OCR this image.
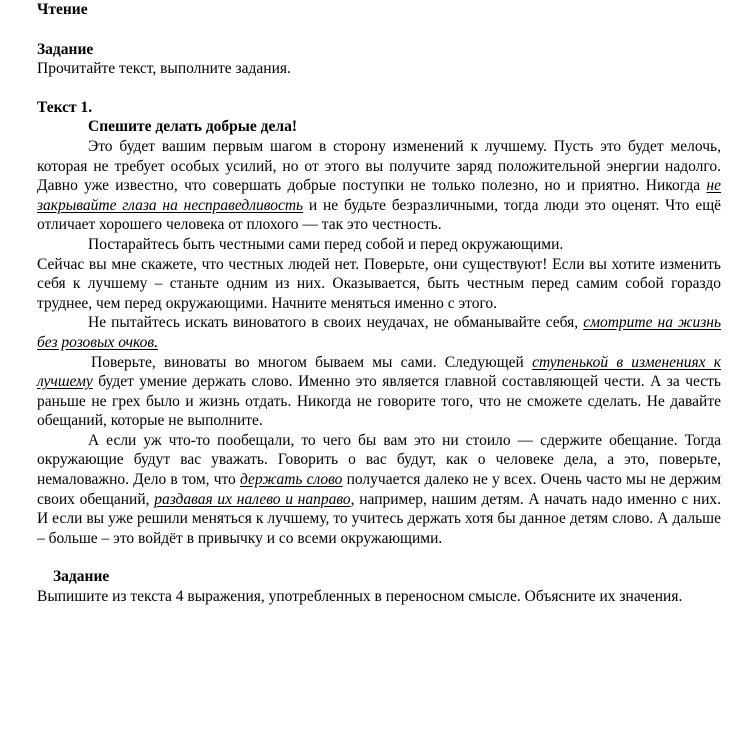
Чтение

Задание

Прочитайте текст, выполните задания.

Текст 1.

Спешите делать добрые дела!

Это будет вашим первым шагом в сторону изменений к лучшему. Пусть это будет мелочь, которая не требует особых усилий, но от этого вы получите заряд положительной энергии надолго. Давно уже известно, что совершать добрые поступки не только полезно, но и приятно. Никогда не закрывайте глаза на несправедливость и не будьте безразличными, тогда люди это оценят. Что ещё отличает хорошего человека от плохого — так это честность.

Постарайтесь быть честными сами перед собой и перед окружающими.

Сейчас вы мне скажете, что честных людей нет. Поверьте, они существуют! Если вы хотите изменить себя к лучшему – станьте одним из них. Оказывается, быть честным перед самим собой гораздо труднее, чем перед окружающими. Начните меняться именно с этого.

Не пытайтесь искать виноватого в своих неудачах, не обманывайте себя, смотрите на жизнь без розовых очков.

Поверьте, виноваты во многом бываем мы сами. Следующей ступенькой в изменениях к лучшему будет умение держать слово. Именно это является главной составляющей чести. А за честь раньше не грех было и жизнь отдать. Никогда не говорите того, что не сможете сделать. Не давайте обещаний, которые не выполните.

А если уж что-то пообещали, то чего бы вам это ни стоило — сдержите обещание. Тогда окружающие будут вас уважать. Говорить о вас будут, как о человеке дела, а это, поверьте, немаловажно. Дело в том, что держать слово получается далеко не у всех. Очень часто мы не держим своих обещаний, раздавая их налево и направо, например, нашим детям. А начать надо именно с них. И если вы уже решили меняться к лучшему, то учитесь держать хотя бы данное детям слово. А дальше – больше – это войдёт в привычку и со всеми окружающими.

Задание

Выпишите из текста 4 выражения, употребленных в переносном смысле. Объясните их значения.
